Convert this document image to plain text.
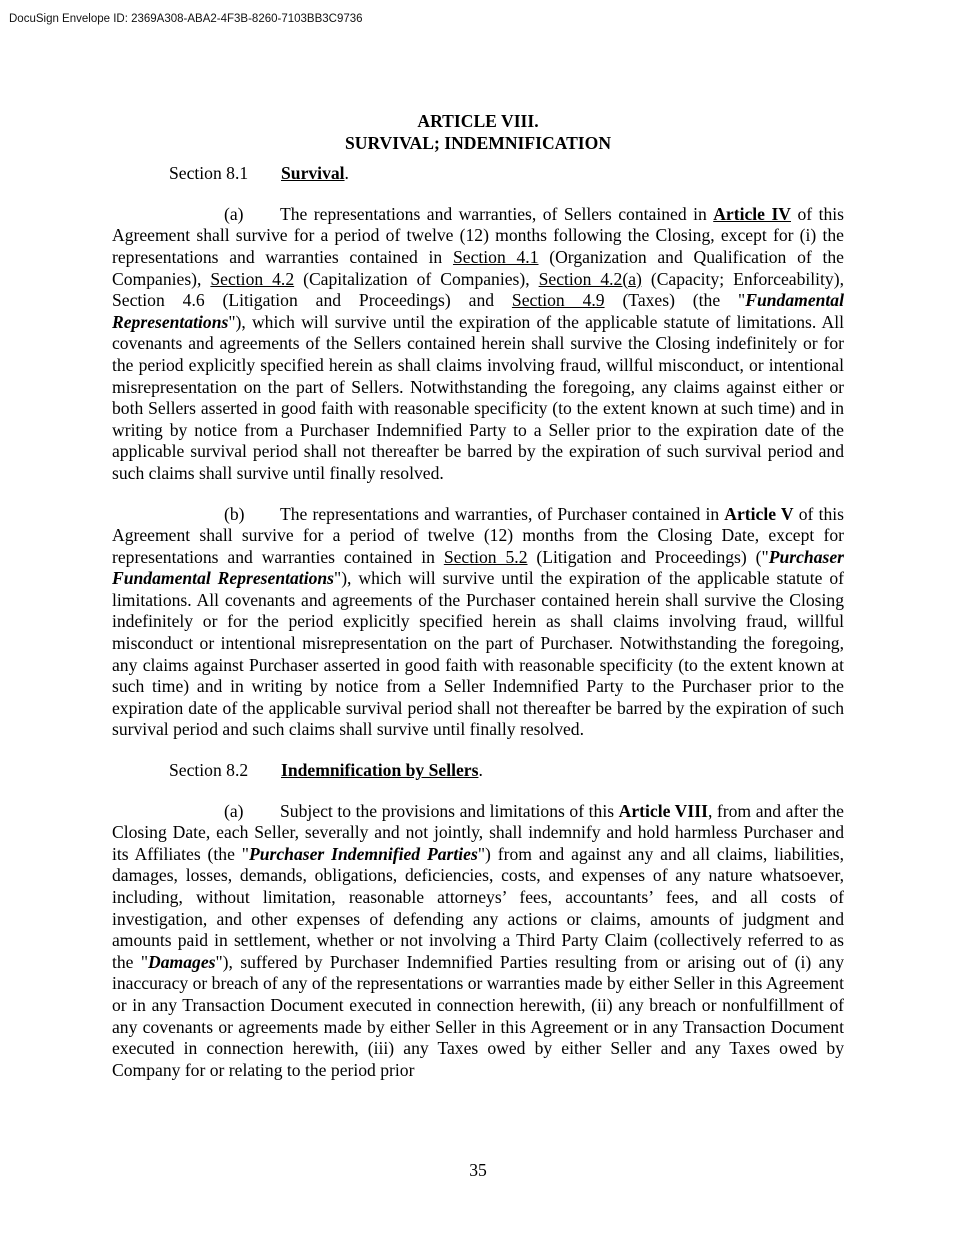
DocuSign Envelope ID: 2369A308-ABA2-4F3B-8260-7103BB3C9736

ARTICLE VIII.

SURVIVAL; INDEMNIFICATION

Section 8.1 Survival.

(a) The representations and warranties, of Sellers contained in Article IV of this Agreement shall survive for a period of twelve (12) months following the Closing, except for (i) the representations and warranties contained in Section 4.1 (Organization and Qualification of the Companies), Section 4.2 (Capitalization of Companies), Section 4.2(a) (Capacity; Enforceability), Section 4.6 (Litigation and Proceedings) and Section 4.9 (Taxes) (the "Fundamental Representations"), which will survive until the expiration of the applicable statute of limitations. All covenants and agreements of the Sellers contained herein shall survive the Closing indefinitely or for the period explicitly specified herein as shall claims involving fraud, willful misconduct, or intentional misrepresentation on the part of Sellers. Notwithstanding the foregoing, any claims against either or both Sellers asserted in good faith with reasonable specificity (to the extent known at such time) and in writing by notice from a Purchaser Indemnified Party to a Seller prior to the expiration date of the applicable survival period shall not thereafter be barred by the expiration of such survival period and such claims shall survive until finally resolved.

(b) The representations and warranties, of Purchaser contained in Article V of this Agreement shall survive for a period of twelve (12) months from the Closing Date, except for representations and warranties contained in Section 5.2 (Litigation and Proceedings) ("Purchaser Fundamental Representations"), which will survive until the expiration of the applicable statute of limitations. All covenants and agreements of the Purchaser contained herein shall survive the Closing indefinitely or for the period explicitly specified herein as shall claims involving fraud, willful misconduct or intentional misrepresentation on the part of Purchaser. Notwithstanding the foregoing, any claims against Purchaser asserted in good faith with reasonable specificity (to the extent known at such time) and in writing by notice from a Seller Indemnified Party to the Purchaser prior to the expiration date of the applicable survival period shall not thereafter be barred by the expiration of such survival period and such claims shall survive until finally resolved.

Section 8.2 Indemnification by Sellers.

(a) Subject to the provisions and limitations of this Article VIII, from and after the Closing Date, each Seller, severally and not jointly, shall indemnify and hold harmless Purchaser and its Affiliates (the "Purchaser Indemnified Parties") from and against any and all claims, liabilities, damages, losses, demands, obligations, deficiencies, costs, and expenses of any nature whatsoever, including, without limitation, reasonable attorneys’ fees, accountants’ fees, and all costs of investigation, and other expenses of defending any actions or claims, amounts of judgment and amounts paid in settlement, whether or not involving a Third Party Claim (collectively referred to as the "Damages"), suffered by Purchaser Indemnified Parties resulting from or arising out of (i) any inaccuracy or breach of any of the representations or warranties made by either Seller in this Agreement or in any Transaction Document executed in connection herewith, (ii) any breach or nonfulfillment of any covenants or agreements made by either Seller in this Agreement or in any Transaction Document executed in connection herewith, (iii) any Taxes owed by either Seller and any Taxes owed by Company for or relating to the period prior

35
